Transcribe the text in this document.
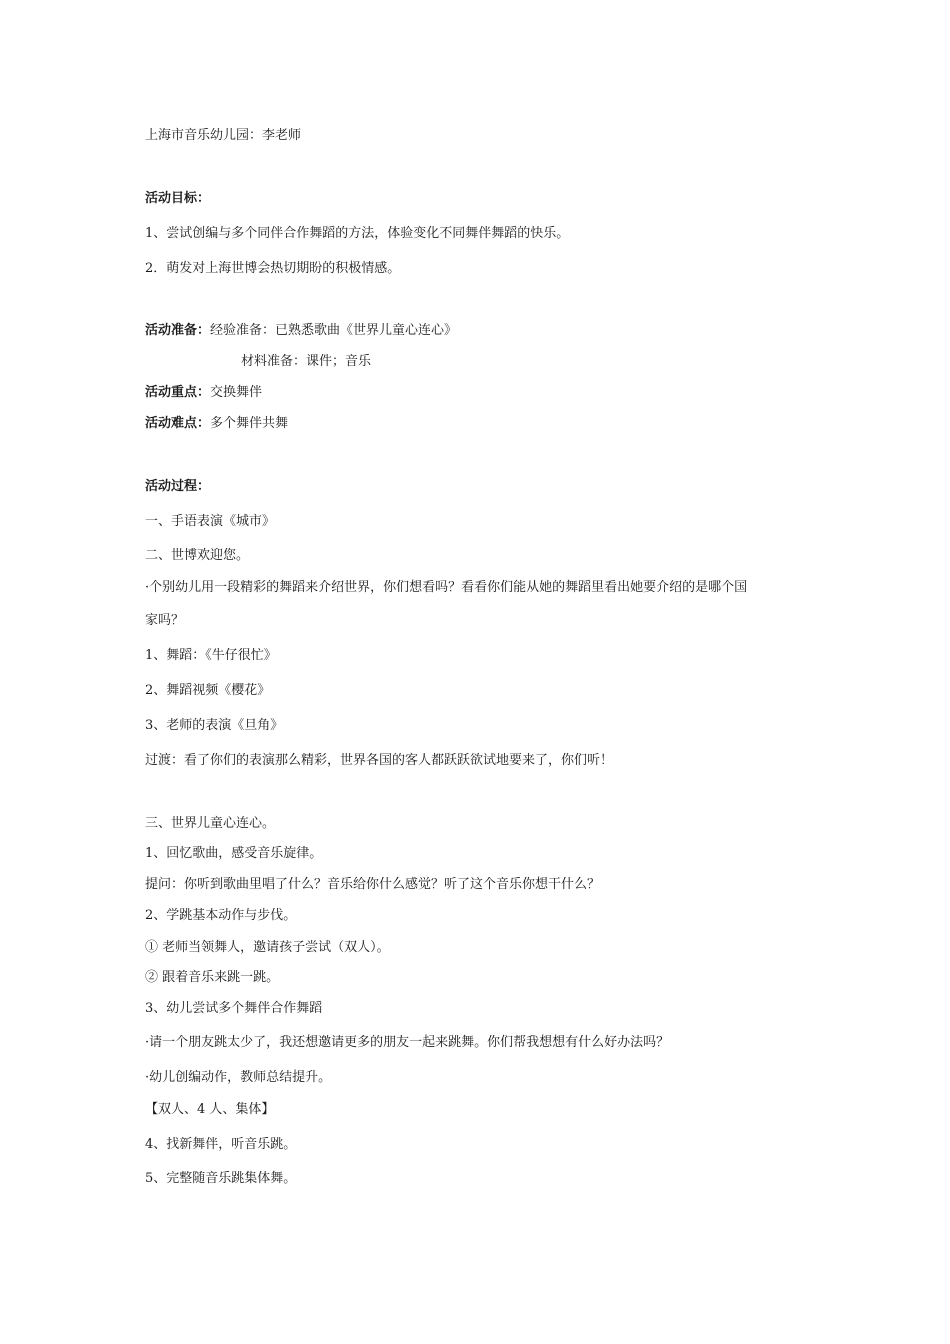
上海市音乐幼儿园：李老师
活动目标：
1、尝试创编与多个同伴合作舞蹈的方法，体验变化不同舞伴舞蹈的快乐。
2．萌发对上海世博会热切期盼的积极情感。
活动准备：经验准备：已熟悉歌曲《世界儿童心连心》
材料准备：课件；音乐
活动重点：交换舞伴
活动难点：多个舞伴共舞
活动过程：
一、手语表演《城市》
二、世博欢迎您。
·个别幼儿用一段精彩的舞蹈来介绍世界，你们想看吗？看看你们能从她的舞蹈里看出她要介绍的是哪个国
家吗？
1、舞蹈：《牛仔很忙》
2、舞蹈视频《樱花》
3、老师的表演《旦角》
过渡：看了你们的表演那么精彩，世界各国的客人都跃跃欲试地要来了，你们听！
三、世界儿童心连心。
1、回忆歌曲，感受音乐旋律。
提问：你听到歌曲里唱了什么？音乐给你什么感觉？听了这个音乐你想干什么？
2、学跳基本动作与步伐。
① 老师当领舞人，邀请孩子尝试（双人）。
② 跟着音乐来跳一跳。
3、幼儿尝试多个舞伴合作舞蹈
·请一个朋友跳太少了，我还想邀请更多的朋友一起来跳舞。你们帮我想想有什么好办法吗？
·幼儿创编动作，教师总结提升。
【双人、4 人、集体】
4、找新舞伴，听音乐跳。
5、完整随音乐跳集体舞。
